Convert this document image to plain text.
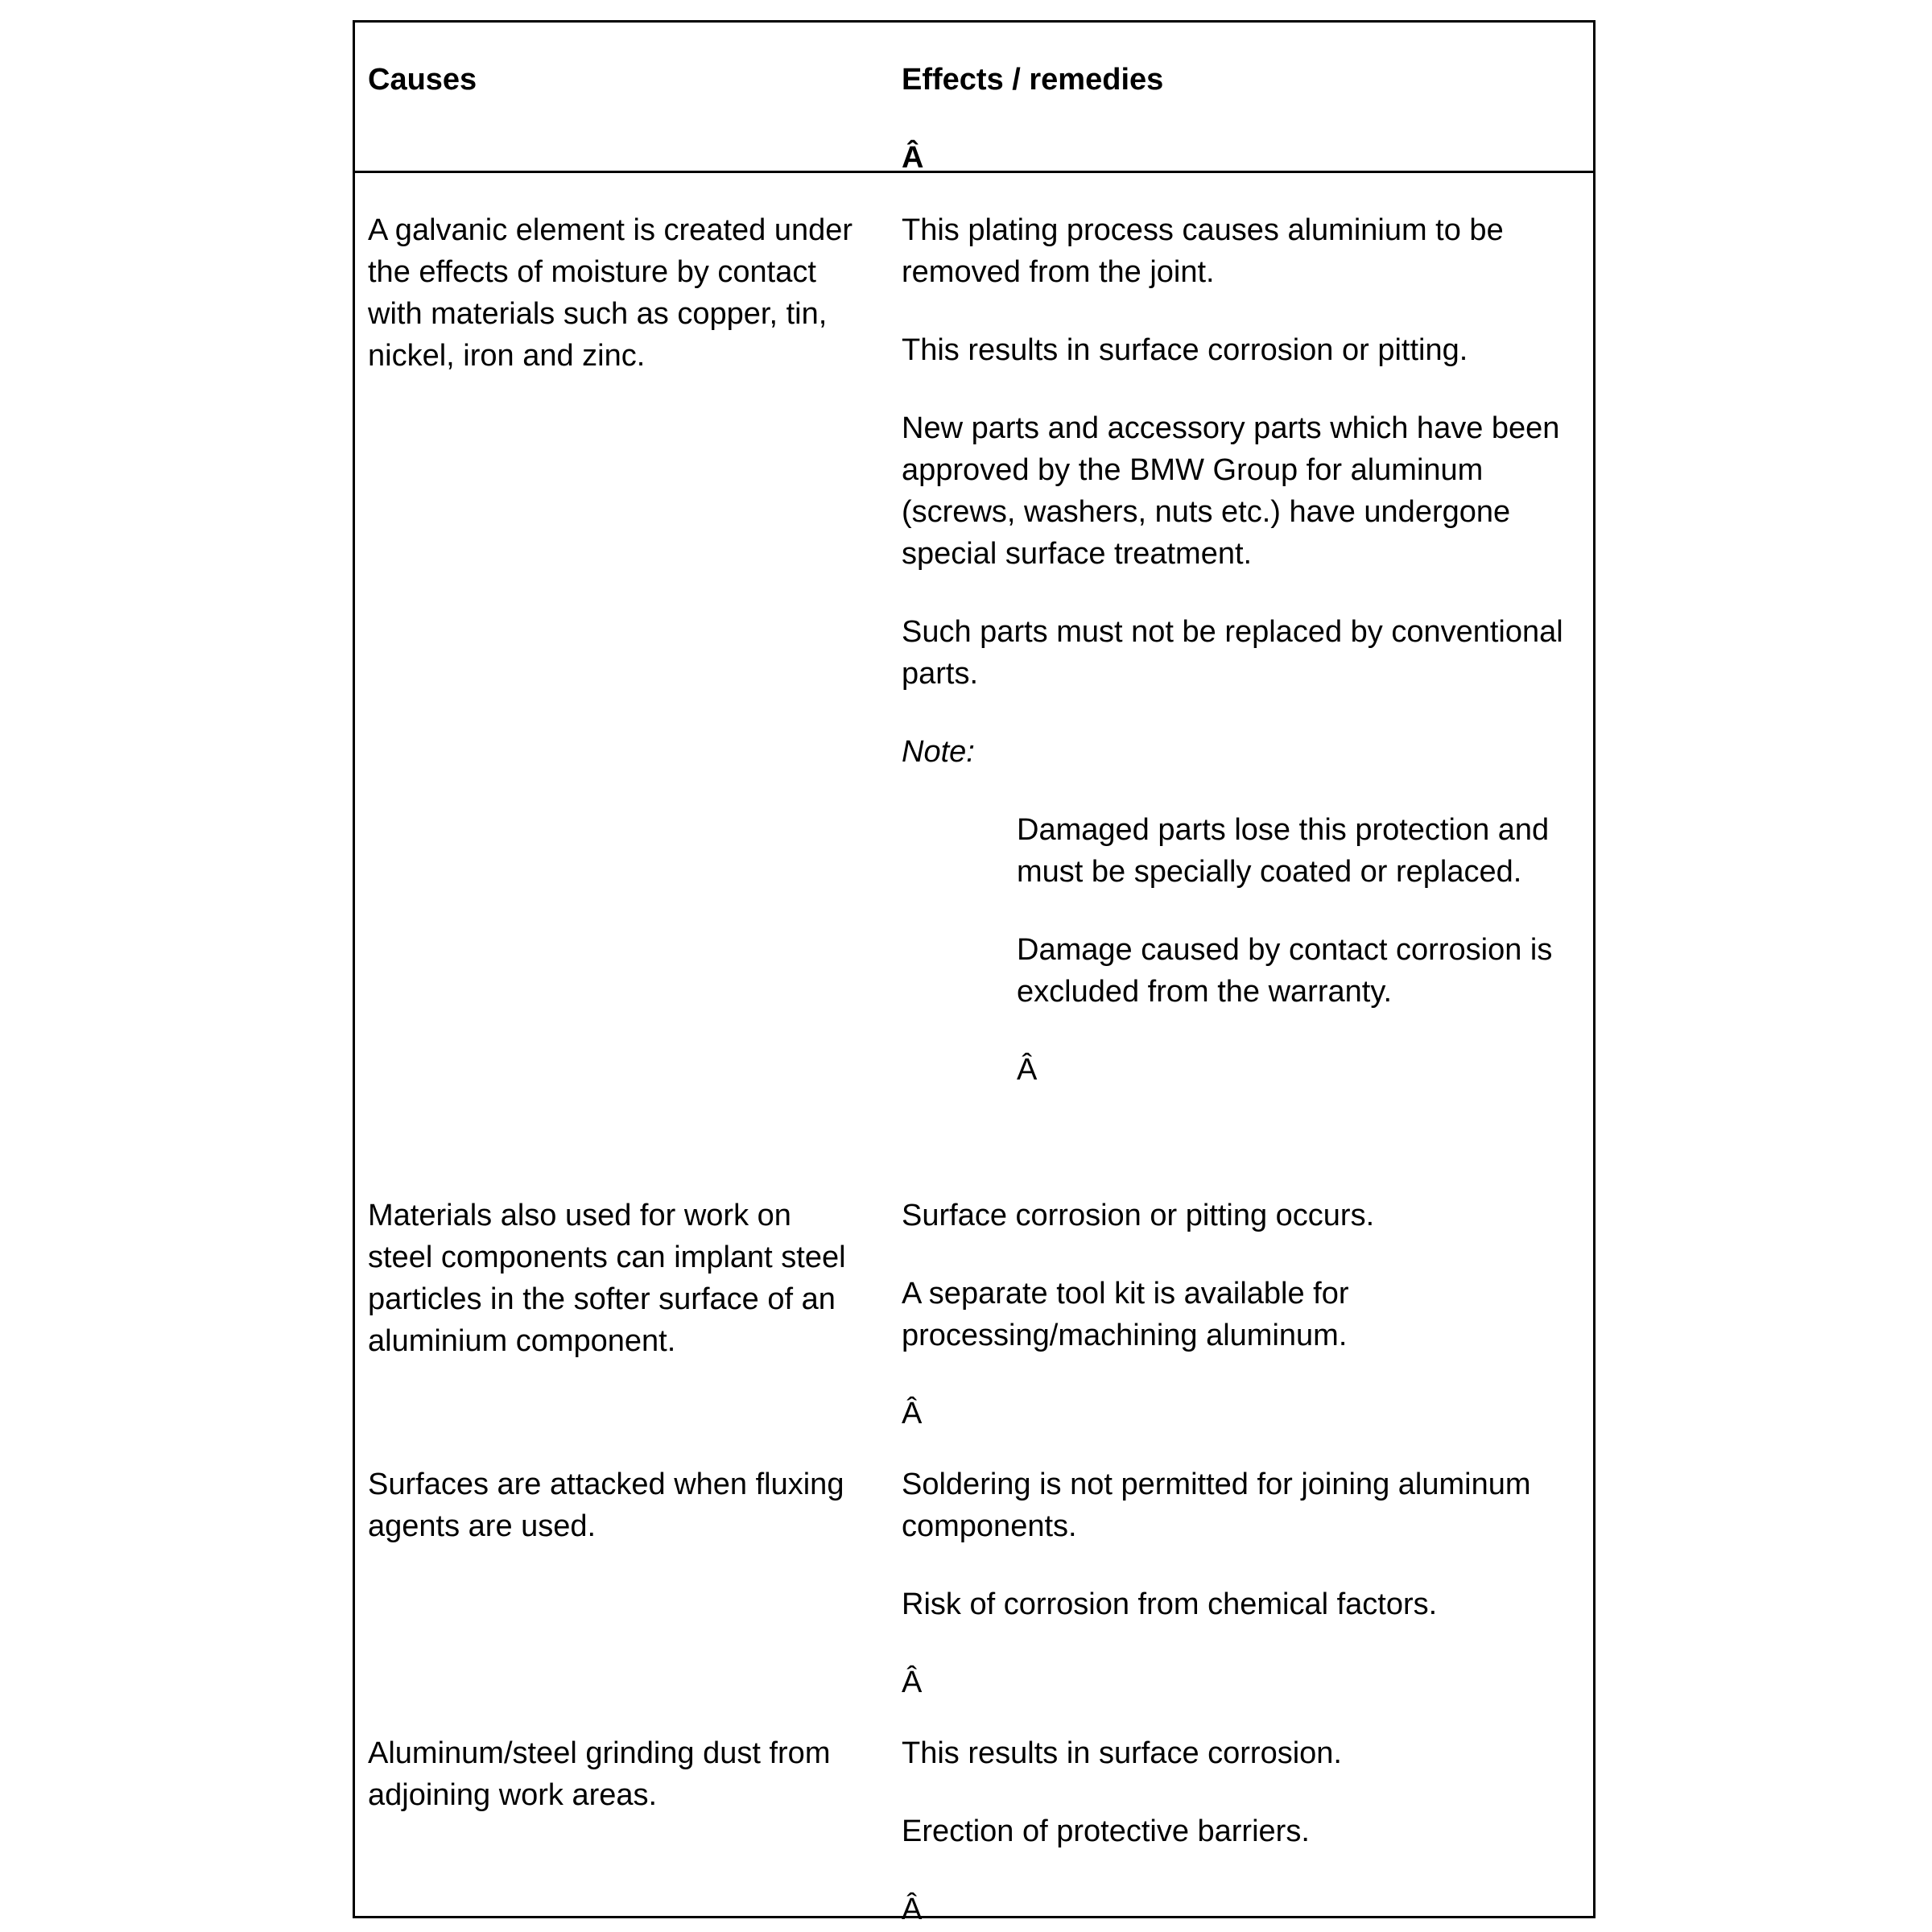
Causes	Effects / remedies

Â

A galvanic element is created under

the effects of moisture by contact

with materials such as copper, tin,

nickel, iron and zinc.

This plating process causes aluminium to be

removed from the joint.

This results in surface corrosion or pitting.

New parts and accessory parts which have been

approved by the BMW Group for aluminum

(screws, washers, nuts etc.) have undergone

special surface treatment.

Such parts must not be replaced by conventional

parts.

Note:

Damaged parts lose this protection and

must be specially coated or replaced.

Damage caused by contact corrosion is

excluded from the warranty.

Â

Materials also used for work on

steel components can implant steel

particles in the softer surface of an

aluminium component.

Surface corrosion or pitting occurs.

A separate tool kit is available for

processing/machining aluminum.

Â

Surfaces are attacked when fluxing

agents are used.

Soldering is not permitted for joining aluminum

components.

Risk of corrosion from chemical factors.

Â

Aluminum/steel grinding dust from

adjoining work areas.

This results in surface corrosion.

Erection of protective barriers.

Â
